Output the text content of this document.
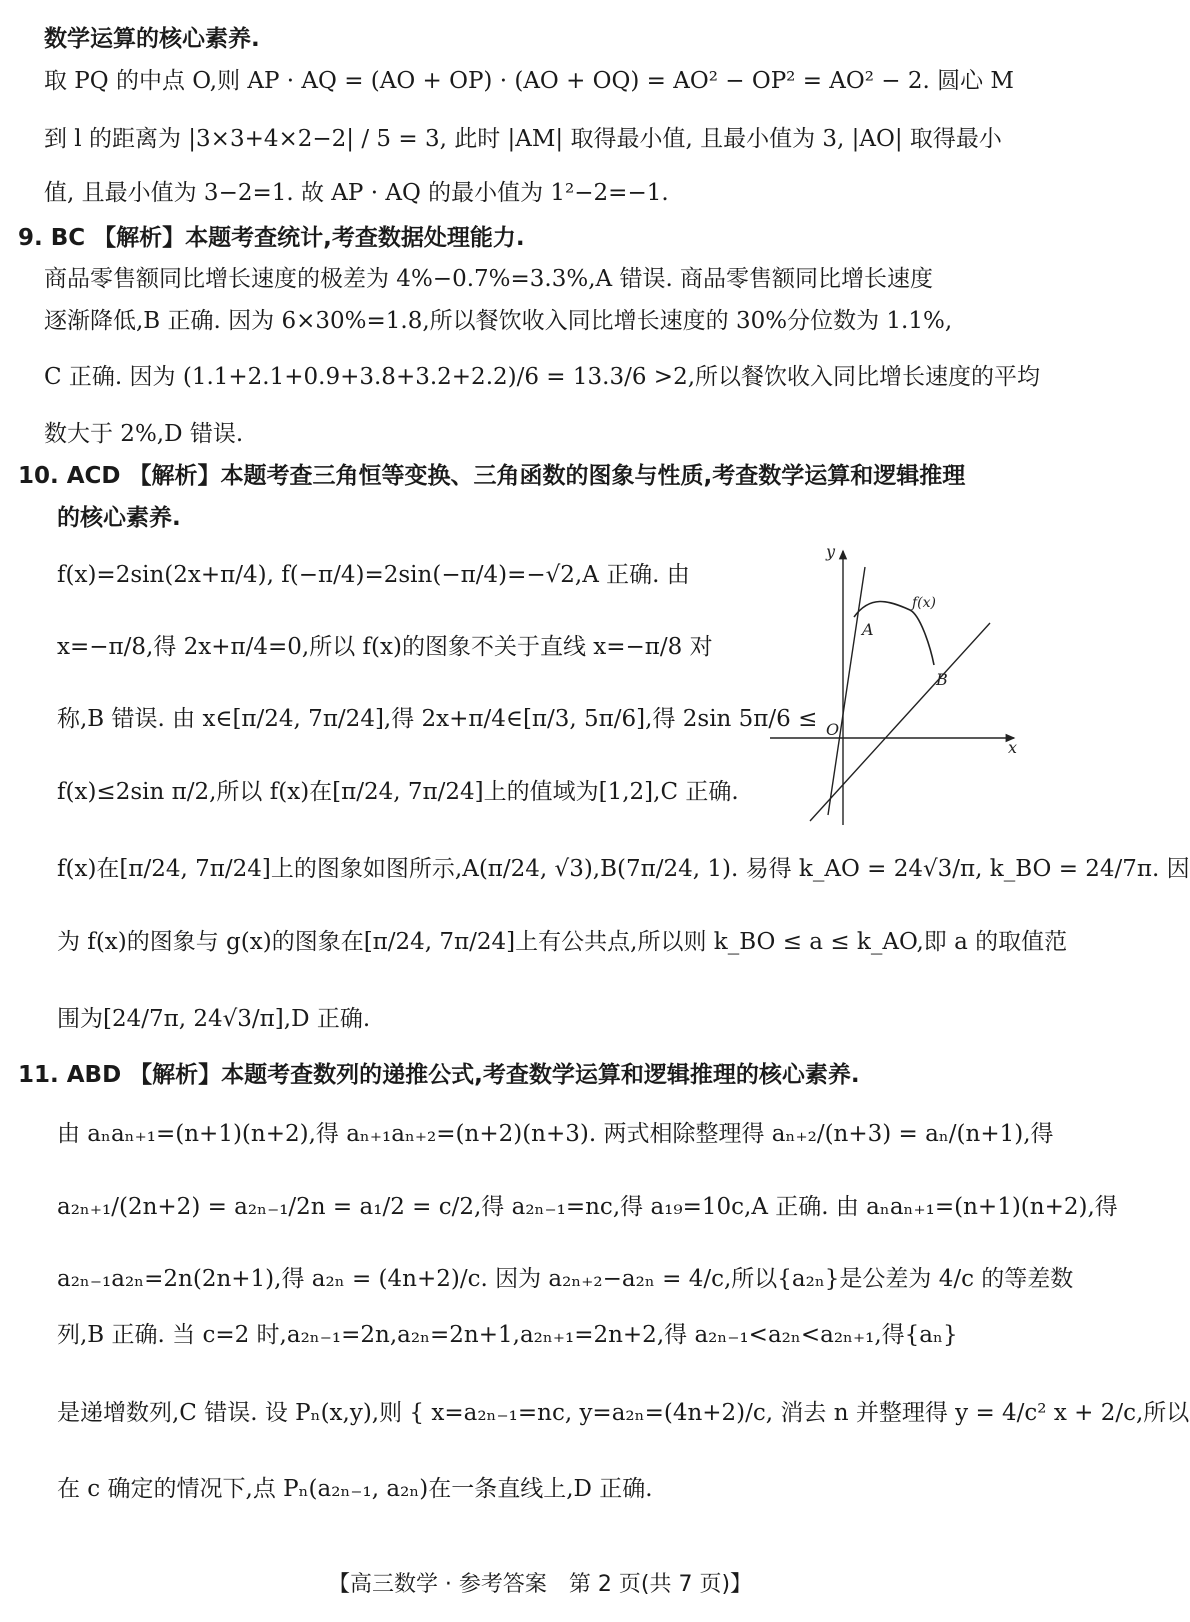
数学运算的核心素养.
取 PQ 的中点 O,则 AP · AQ = (AO + OP) · (AO + OQ) = AO² − OP² = AO² − 2. 圆心 M
到 l 的距离为 |3×3+4×2−2| / 5 = 3, 此时 |AM| 取得最小值, 且最小值为 3, |AO| 取得最小
值, 且最小值为 3−2=1. 故 AP · AQ 的最小值为 1²−2=−1.
9. BC 【解析】本题考查统计,考查数据处理能力.
商品零售额同比增长速度的极差为 4%−0.7%=3.3%,A 错误. 商品零售额同比增长速度
逐渐降低,B 正确. 因为 6×30%=1.8,所以餐饮收入同比增长速度的 30%分位数为 1.1%,
C 正确. 因为 (1.1+2.1+0.9+3.8+3.2+2.2)/6 = 13.3/6 >2,所以餐饮收入同比增长速度的平均
数大于 2%,D 错误.
10. ACD 【解析】本题考查三角恒等变换、三角函数的图象与性质,考查数学运算和逻辑推理
的核心素养.
f(x)=2sin(2x+π/4), f(−π/4)=2sin(−π/4)=−√2,A 正确. 由
x=−π/8,得 2x+π/4=0,所以 f(x)的图象不关于直线 x=−π/8 对
称,B 错误. 由 x∈[π/24, 7π/24],得 2x+π/4∈[π/3, 5π/6],得 2sin 5π/6 ≤
f(x)≤2sin π/2,所以 f(x)在[π/24, 7π/24]上的值域为[1,2],C 正确.
f(x)在[π/24, 7π/24]上的图象如图所示,A(π/24, √3),B(7π/24, 1). 易得 k_AO = 24√3/π, k_BO = 24/7π. 因
为 f(x)的图象与 g(x)的图象在[π/24, 7π/24]上有公共点,所以则 k_BO ≤ a ≤ k_AO,即 a 的取值范
围为[24/7π, 24√3/π],D 正确.
y
x
O
A
B
f(x)
11. ABD 【解析】本题考查数列的递推公式,考查数学运算和逻辑推理的核心素养.
由 aₙaₙ₊₁=(n+1)(n+2),得 aₙ₊₁aₙ₊₂=(n+2)(n+3). 两式相除整理得 aₙ₊₂/(n+3) = aₙ/(n+1),得
a₂ₙ₊₁/(2n+2) = a₂ₙ₋₁/2n = a₁/2 = c/2,得 a₂ₙ₋₁=nc,得 a₁₉=10c,A 正确. 由 aₙaₙ₊₁=(n+1)(n+2),得
a₂ₙ₋₁a₂ₙ=2n(2n+1),得 a₂ₙ = (4n+2)/c. 因为 a₂ₙ₊₂−a₂ₙ = 4/c,所以{a₂ₙ}是公差为 4/c 的等差数
列,B 正确. 当 c=2 时,a₂ₙ₋₁=2n,a₂ₙ=2n+1,a₂ₙ₊₁=2n+2,得 a₂ₙ₋₁<a₂ₙ<a₂ₙ₊₁,得{aₙ}
是递增数列,C 错误. 设 Pₙ(x,y),则 { x=a₂ₙ₋₁=nc, y=a₂ₙ=(4n+2)/c, 消去 n 并整理得 y = 4/c² x + 2/c,所以
在 c 确定的情况下,点 Pₙ(a₂ₙ₋₁, a₂ₙ)在一条直线上,D 正确.
【高三数学 · 参考答案　第 2 页(共 7 页)】
